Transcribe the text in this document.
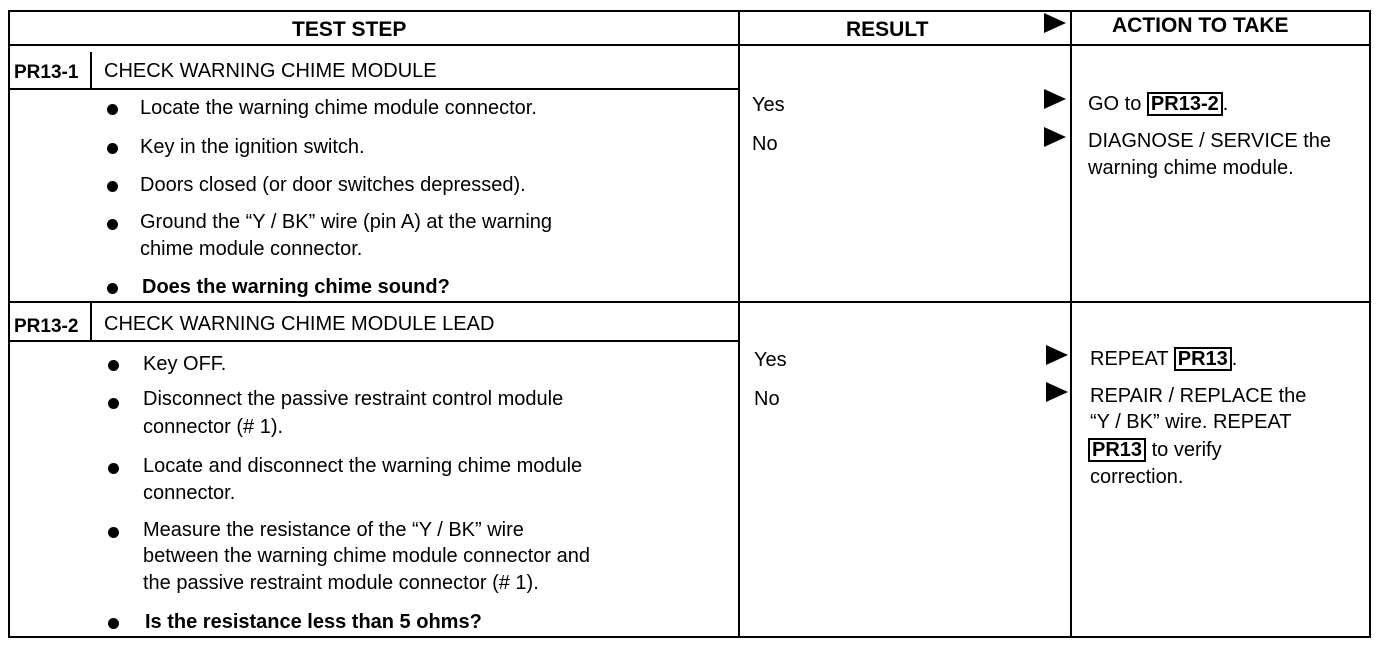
TEST STEP	RESULT	ACTION TO TAKE
PR13-1 CHECK WARNING CHIME MODULE
Locate the warning chime module connector.
Key in the ignition switch.
Doors closed (or door switches depressed).
Ground the “Y / BK” wire (pin A) at the warning
chime module connector.
Does the warning chime sound?
Yes
No
GO to PR13-2 .
DIAGNOSE / SERVICE the
warning chime module.
PR13-2 CHECK WARNING CHIME MODULE LEAD
Key OFF.
Disconnect the passive restraint control module
connector (# 1).
Locate and disconnect the warning chime module
connector.
Measure the resistance of the “Y / BK” wire
between the warning chime module connector and
the passive restraint module connector (# 1).
Is the resistance less than 5 ohms?
Yes
No
REPEAT PR13 .
REPAIR / REPLACE the
“Y / BK” wire. REPEAT
PR13 to verify
correction.
